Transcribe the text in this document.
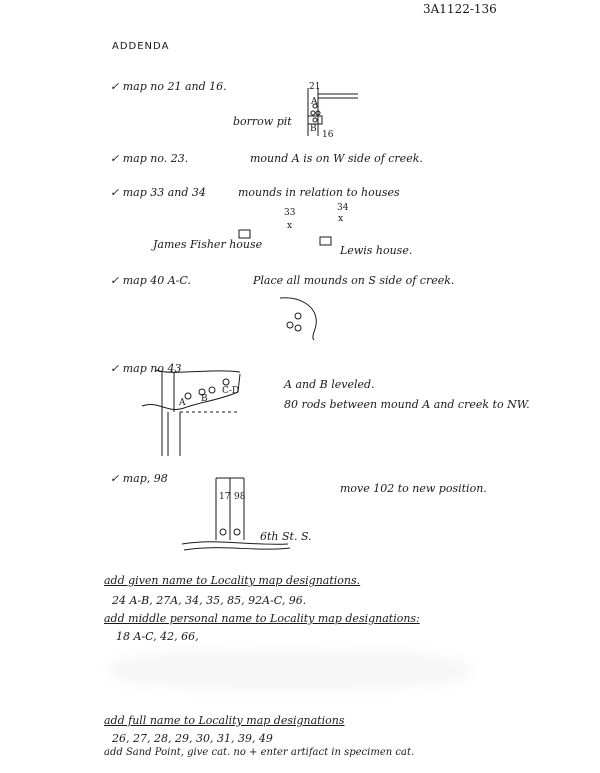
3A1122-136
ADDENDA
✓ map no 21 and 16.	21
A
B
16
borrow pit
✓ map no. 23.	mound A is on W side of creek.
✓ map 33 and 34	mounds in relation to houses
33
x
34
x
James Fisher house	Lewis house.
✓ map 40 A-C.	Place all mounds on S side of creek.
✓ map no 43
A B
C-D	A and B leveled.
80 rods between mound A and creek to NW.
✓ map, 98
17 98
6th St. S.
move 102 to new position.
add given name to Locality map designations.
24 A-B, 27A, 34, 35, 85, 92A-C, 96.
add middle personal name to Locality map designations:
18 A-C, 42, 66,
add full name to Locality map designations
26, 27, 28, 29, 30, 31, 39, 49
add Sand Point, give cat. no + enter artifact in specimen cat.
